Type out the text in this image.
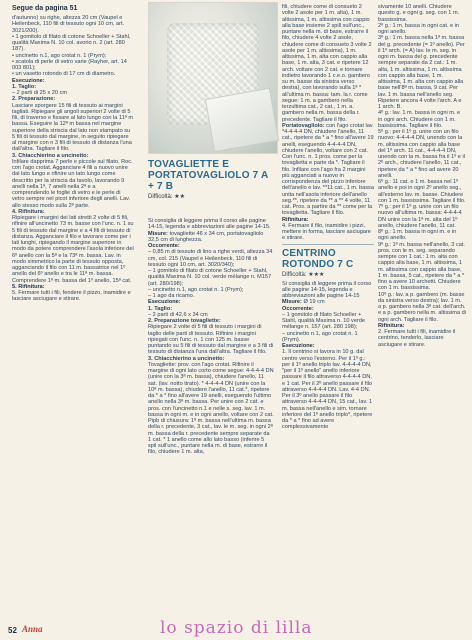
Segue da pagina 51

d'autunno) su righe, altezza 20 cm (Vaupel e Heilenbeck, 110 fili di tessuto ogni 10 cm, art. 3021/200).

• 1 gomitolo di filato di cotone Schoeller + Stahl, qualità Maxima N. 10 col. avorio n. 2 (art. 280 187).

• uncinetto n.1, ago crotat n. 1 (Prym);

• scatola di perle di vetro varie (Rayher, art. 14 003 801);

• un vasetto rotondo di 17 cm di diametro.

Esecuzione:

1. Taglio:

– 2 parti di 25 x 20 cm

2. Preparazione:

Lasciare sporgere 15 fili di tessuto ai margini tagliati. Ripiegare gli angoli superiori 2 volte di 5 fili, di traverso e fissare al lato lungo con la 11ª m bassa. Eseguire la 12ª m bassa nel margine superiore della striscia dal lato non stampato su 5 fili di tessuto dal margine, in seguito ripiegare al margine con n 3 fili di tessuto di distanza l'una dall'altra. Tagliare il filo.

3. Chiacchierino a uncinetto:

Infilare dapprima 7 perle e piccole sul filato. Roc. con l'ago crotat. Agganciare 4 fili a nuovo unire dal lato lungo e rifinire un lato lungo come descritto per la striscia da tavolo, lavorando 9 anelli nella 1ª, 7 anelli nella 2ª e a comprendendo le foglie di vetro e le perle di vetro sempre nel picot inferiore degli anelli. Lav. allo stesso modo sulla 2ª parte.

4. Rifinitura:

Ripiegare i margini dei lati stretti 2 volte di 5 fili, rifinire all'uncinetto 73 m. basse con l'unc. n. 1 su 5 fili di tessuto dal margine e a 4 fili di tessuto di distanza. Agganciare il filo e lavorare come per i lati lunghi, ripiegando il margine superiore in modo da potere comprendere l'asola inferiore del 6º anello con la 5ª e la 73ª m. bassa. Lav. in modo simmetrico la parte di tessuto opposta, agganciando il filo con 11 m. bassatrice nel 1º anello del 6º anello e tra le 11ª m. bassa. Comprendere 1ª m. bassa del 1º anello, 15ª cat.

5. Rifinitura:

5. Fermare tutti i fili, fendere il pizzo, inamidire e lasciare asciugare e stirare.

TOVAGLIETTE E PORTATOVAGLIOLO 7 A + 7 B
Difficoltà: ★★

Si consiglia di leggere prima il corso alle pagine 14-15, legenda e abbreviazioni alle pagine 14-15.

Misure: tovagliette 46 x 34 cm, portatovagliolo 32,5 cm di lunghezza.

Occorrente:

– 0,85 m di tessuto di lino a righe verdi, altezza 34 cm, col. 215 (Vaupel e Heilenbeck, 110 fili di tessuto ogni 10 cm, art. 3020/340);

– 1 gomitolo di filato di cotone Schoeller + Stahl, qualità Maxima N. 10 col. verde mélange n. M157 (art. 280/198);

– uncinetto n.1, ago crotat n. 1 (Prym);

– 1 ago da ricamo.

Esecuzione:

1. Taglio:

– 2 parti di 42,6 x 34 cm

2. Preparazione tovagliette:

Ripiegare 2 volte di 5 fili di tessuto i margini di taglio delle parti di tessuto. Rifinire i margini ripiegati con l'unc. n. 1 con 125 m. basse puntando su 5 fili di tessuto dal margine e a 3 fili di tessuto di distanza l'una dall'altra. Tagliare il filo.

3. Chiacchierino a uncinetto:

Tovagliette: prov. con l'ago crotat. Rifinire il margine di ogni lato corto come segue: 4-4-4-4 DN (unire con la 3ª m. bassa), chiudere l'anello, 11 sat. (lav. notto tirato). * 4-4-4-4 DN (unire con la 10ª m. bassa), chiudere l'anello, 11 cat.*, ripetere da * a * fino all'avere 19 anelli, eseguendo l'ultimo anello nella 3ª m. bassa. Per unire con 2 cat. e pros. con l'uncinetto n.1 e nelle s. seg. lav. 1 m. bassa in ogni m. e in ogni anello, voltare con 2 cat. Pipb di chiusura: 1ª m. bassa nell'ultima m. bassa della r. precedente, 3 cat., lav. le m. seg. in ogni 2ª m. bassa della r. precedente sempre separate da 1 cat. * 1 anello come allo lato basso (inferire 5 spil sull'unc., puntare nella m. di base, estrarre il filo, chiudere 1 m. alta,

fili, chiudere come di consueto 2 volte 2 asole per 1 m. alta), 1 m. altissima, 1 m. altissima con cappio alla base insieme 2 spill sull'unc., puntare nella m. di base, estrarre il filo, chiudere 4 volte 2 asole, chiudere come di consueto 3 volte 2 asole per 1 m. altissima), 1 m. altissima, 1 m. alta con cappio alla base, 1 m. alta, 3 cat. e ripetere 12 arch. voltare con 2 cat. e tornare indietro lavorando 1 c.e.o. gambero su m. basse da sinistra verso destra), con lavorando sulla 1ª * all'ultima m. bassa: tam. la r. come segue: 1 m. a gambero nella terzultima cat., 2 cat., 1 m. a. gambero nella m. bassa della r. precedente. Tagliare il filo.

Portatovagliolo: con l'ago crotat lav. *4-4-4-4 DN, chiudere l'anello, 11 cat., ripetere da * a * fino all'avere 19 anelli, eseguendo 4-4-4-4 DN, chiudere l'anello, voltare con 2 cat. Con l'unc. n. 1 pros. come per la tovaglietta e parte da *. Tagliare il filo. Infilare con l'ago fra 2 margini più agganciati a nuovo in corrispondenza del pizzo inferiore dell'anello e lav. **11 cat., 1 m. bassa unita nell'asola inferiore dell'anello seg.**, ripetere da ** a ** 4 volte, 11 cat. Pros. a partire da ** come per la tovaglietta. Tagliare il filo.

Rifinitura:

4. Fermare il filo, inamidire i pizzi, mettere in forma, lasciare asciugare e stirare.

CENTRINO ROTONDO 7 C
Difficoltà: ★★★

Si consiglia di leggere prima il corso alle pagine 14-15, legenda e abbreviazioni alle pagine 14-15

Misure: Ø 19 cm

Occorrente:

– 1 gomitolo di filato Schoeller + Stahl, qualità Maxima n. 10 verde mélange n. 157 (art. 280 198);

– uncinetto n.1, ago crotat n. 1 (Prym).

Esecuzione:

1. Il centrino si lavora in 10 g. dal centro verso l'esterno. Per il 1º g.: per il 1º anello triplo lav. 4-4-4-4 DN, "per il 1º anello" anello inferiore passare il filo attraverso 4-4-4-4 DN, e 1 cat. Per il 2º anello passare il filo attraverso 4-4-4-4 DN. Lav. 4-4 DN. Per il 3º anello passare il filo attraverso 4-4-4-4 DN, 15 cat., lav. 1 m. bassa nell'anello e sim. tornare inferiore del 1º anello triplo*, ripetere da * a * fino ad avere complessivamente

sivamente 10 anelli. Chiudere questo g. e ogni g. seg. con 1 m. bassissima.

2º g.: 1 m. bassa in ogni cat. e in ogni anello.

3º g.: 1 m. bassa nella 1ª m. bassa del g. precedente (= 1º anello). Per il 1º arch. (= A) lav. le m. seg. in ogni m. bassa del g. precedente sempre separate da 2 cat.: 1 m. alta, 1 m. altissima, 1 m. altissima con cappio alla base, 1 m. altissima, 1 m. alta con cappio alla base nell'8ª m. bassa, 9 cat. Per lav. 1 m. bassa nell'anello seg. Ripetere ancora 4 volte l'arch. A e 1 arch. B.

4º g.: lav. 1 m. bassa in ogni m. e in ogni arch. Chiudere con 1 m. bassissima. Tagliare il filo.

5º g.: per il 1º g. unire con un filo nuovo: 4-4-4-4 DN, unendo con la m. altissima con cappio alla base del 1º arch. 11 cat., 4-4-4-4 DN, unendo con la m. bassa fra il 1º e il 2º arch., chiudere l'anello, 11 cat., ripetere da * a * fino ad avere 20 anelli.

6º g.: 11 cat. e 1 m. bassa nel 1º anello e poi in ogni 2º anello seg., all'esterno lav. m. basse. Chiudere con 1 m. bassissima. Tagliare il filo.

7º g.: per il 1º g. unire con un filo nuovo all'ultima m. bassa: 4-4-4-4 DN unire con la 1ª m. alta del 1º anello, chiudere l'anello, 11 cat.

8º g.: 1 m. bassa in ogni m. e in ogni anello.

9º g.: 1ª m. bassa nell'anello, 3 cat. pros. con le m. seg. separando sempre con 1 cat.: 1 m. alta con cappio alla base, 1 m. altissima, 1 m. altissima con cappio alla base, 1 m. bassa, 5 cat., ripetere da * a * fino a avere 10 archetti. Chiudere con 1 m. bassissima.

10º g.: lav. a p. gambero (m. basse da sinistra verso destra); lav. 1 m. a p. gambero nella 3ª cat. dell'arch. e a p. gambero nella m. altissima di ogni arch. Tagliare il filo.

Rifinitura:

2. Fermare tutti i fili, inamidire il centrino, tenderlo, lasciare asciugare e stirare.

52 Anna	lo spazio di lilla
